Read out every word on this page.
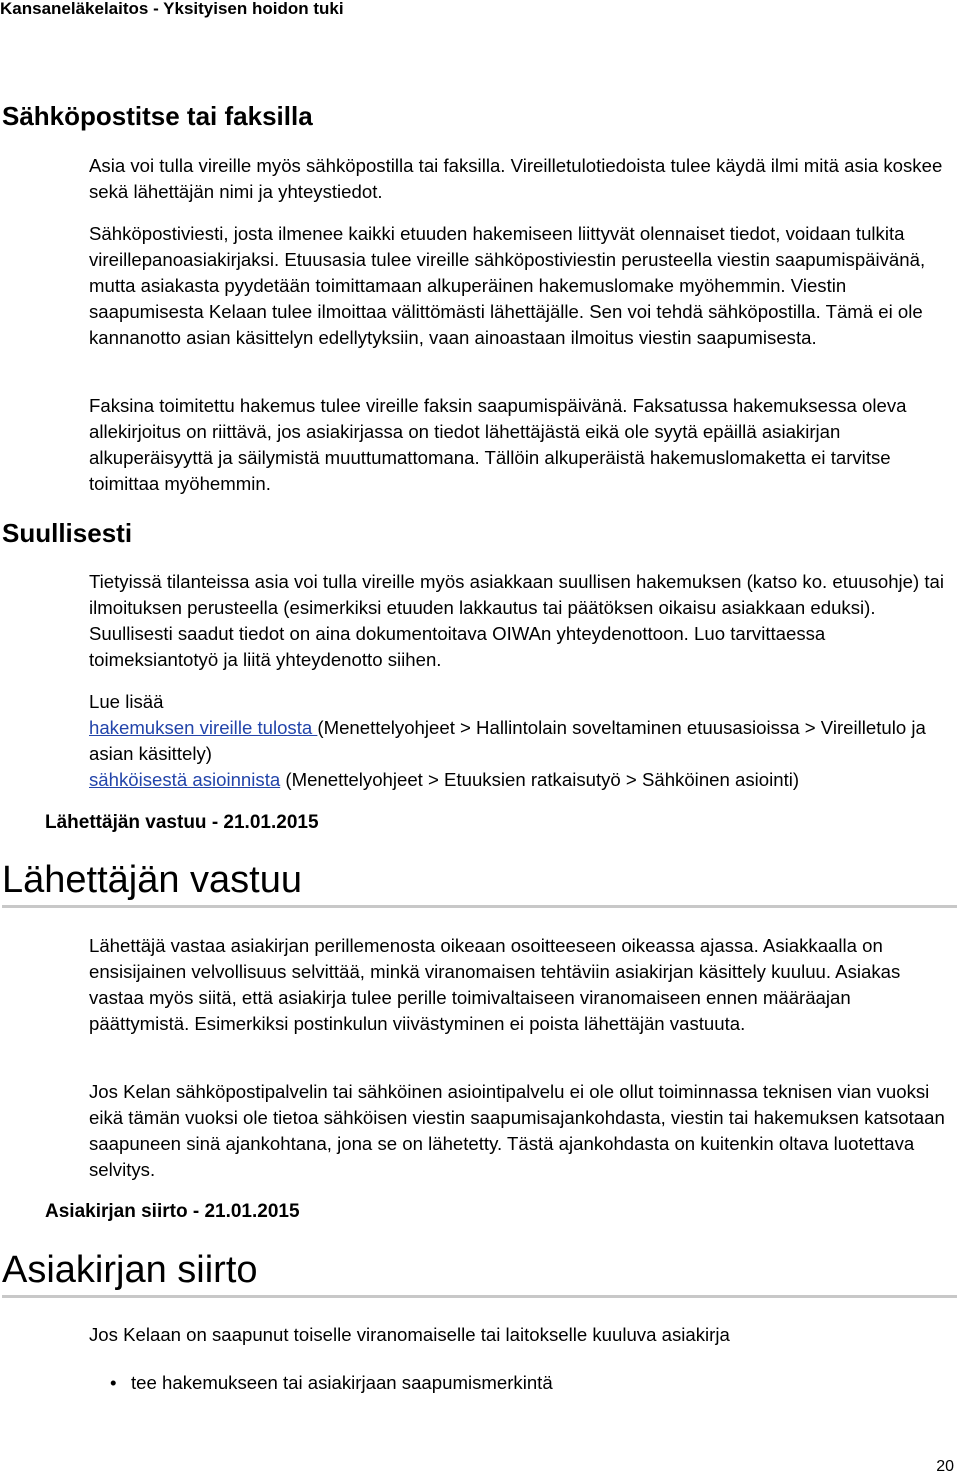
Kansaneläkelaitos - Yksityisen hoidon tuki
Sähköpostitse tai faksilla

Asia voi tulla vireille myös sähköpostilla tai faksilla. Vireilletulotiedoista tulee käydä ilmi mitä asia koskee sekä lähettäjän nimi ja yhteystiedot.

Sähköpostiviesti, josta ilmenee kaikki etuuden hakemiseen liittyvät olennaiset tiedot, voidaan tulkita vireillepanoasiakirjaksi. Etuusasia tulee vireille sähköpostiviestin perusteella viestin saapumispäivänä, mutta asiakasta pyydetään toimittamaan alkuperäinen hakemuslomake myöhemmin. Viestin saapumisesta Kelaan tulee ilmoittaa välittömästi lähettäjälle. Sen voi tehdä sähköpostilla. Tämä ei ole kannanotto asian käsittelyn edellytyksiin, vaan ainoastaan ilmoitus viestin saapumisesta.

Faksina toimitettu hakemus tulee vireille faksin saapumispäivänä. Faksatussa hakemuksessa oleva allekirjoitus on riittävä, jos asiakirjassa on tiedot lähettäjästä eikä ole syytä epäillä asiakirjan alkuperäisyyttä ja säilymistä muuttumattomana. Tällöin alkuperäistä hakemuslomaketta ei tarvitse toimittaa myöhemmin.

Suullisesti

Tietyissä tilanteissa asia voi tulla vireille myös asiakkaan suullisen hakemuksen (katso ko. etuusohje) tai ilmoituksen perusteella (esimerkiksi etuuden lakkautus tai päätöksen oikaisu asiakkaan eduksi). Suullisesti saadut tiedot on aina dokumentoitava OIWAn yhteydenottoon. Luo tarvittaessa toimeksiantotyö ja liitä yhteydenotto siihen.

Lue lisää
hakemuksen vireille tulosta (Menettelyohjeet > Hallintolain soveltaminen etuusasioissa > Vireilletulo ja asian käsittely)
sähköisestä asioinnista (Menettelyohjeet > Etuuksien ratkaisutyö > Sähköinen asiointi)

Lähettäjän vastuu - 21.01.2015
Lähettäjän vastuu

Lähettäjä vastaa asiakirjan perillemenosta oikeaan osoitteeseen oikeassa ajassa. Asiakkaalla on ensisijainen velvollisuus selvittää, minkä viranomaisen tehtäviin asiakirjan käsittely kuuluu. Asiakas vastaa myös siitä, että asiakirja tulee perille toimivaltaiseen viranomaiseen ennen määräajan päättymistä. Esimerkiksi postinkulun viivästyminen ei poista lähettäjän vastuuta.

Jos Kelan sähköpostipalvelin tai sähköinen asiointipalvelu ei ole ollut toiminnassa teknisen vian vuoksi eikä tämän vuoksi ole tietoa sähköisen viestin saapumisajankohdasta, viestin tai hakemuksen katsotaan saapuneen sinä ajankohtana, jona se on lähetetty. Tästä ajankohdasta on kuitenkin oltava luotettava selvitys.

Asiakirjan siirto - 21.01.2015
Asiakirjan siirto

Jos Kelaan on saapunut toiselle viranomaiselle tai laitokselle kuuluva asiakirja

• tee hakemukseen tai asiakirjaan saapumismerkintä
20
